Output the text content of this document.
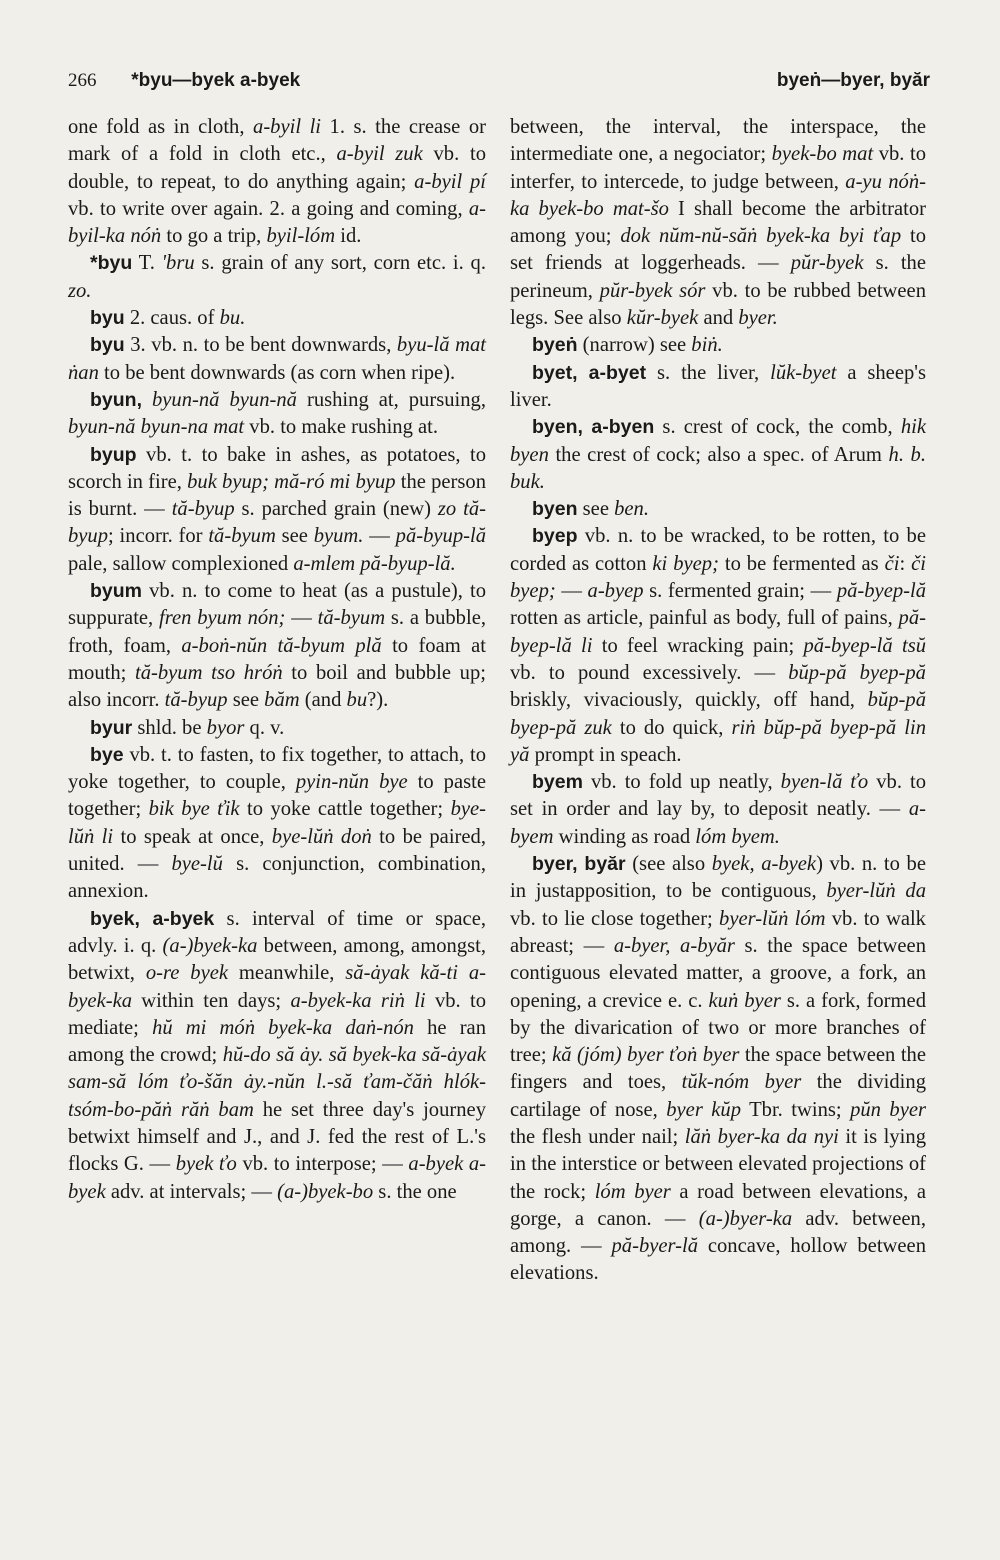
266 *byu—byek a-byek	byeṅ—byer, byăr

one fold as in cloth, a-byil li 1. s. the crease or mark of a fold in cloth etc., a-byil zuk vb. to double, to repeat, to do anything again; a-byil pí vb. to write over again. 2. a going and coming, a-byil-ka nóṅ to go a trip, byil-lóm id.

*byu T. 'bru s. grain of any sort, corn etc. i. q. zo.

byu 2. caus. of bu.

byu 3. vb. n. to be bent downwards, byu-lă mat ṅan to be bent downwards (as corn when ripe).

byun, byun-nă byun-nă rushing at, pursuing, byun-nă byun-na mat vb. to make rushing at.

byup vb. t. to bake in ashes, as potatoes, to scorch in fire, buk byup; mă-ró mi byup the person is burnt. — tă-byup s. parched grain (new) zo tă-byup; incorr. for tă-byum see byum. — pă-byup-lă pale, sallow complexioned a-mlem pă-byup-lă.

byum vb. n. to come to heat (as a pustule), to suppurate, fren byum nón; — tă-byum s. a bubble, froth, foam, a-boṅ-nŭn tă-byum plă to foam at mouth; tă-byum tso hróṅ to boil and bubble up; also incorr. tă-byup see băm (and bu?).

byur shld. be byor q. v.

bye vb. t. to fasten, to fix together, to attach, to yoke together, to couple, pyin-nŭn bye to paste together; bik bye ťik to yoke cattle together; bye-lŭṅ li to speak at once, bye-lŭṅ doṅ to be paired, united. — bye-lŭ s. conjunction, combination, annexion.

byek, a-byek s. interval of time or space, advly. i. q. (a-)byek-ka between, among, amongst, betwixt, o-re byek meanwhile, să-ȧyak kă-ti a-byek-ka within ten days; a-byek-ka riṅ li vb. to mediate; hŭ mi móṅ byek-ka daṅ-nón he ran among the crowd; hŭ-do să ȧy. să byek-ka să-ȧyak sam-să lóm ťo-šăn ȧy.-nŭn l.-să ťam-čăṅ hlók-tsóm-bo-păṅ răṅ bam he set three day's journey betwixt himself and J., and J. fed the rest of L.'s flocks G. — byek ťo vb. to interpose; — a-byek a-byek adv. at intervals; — (a-)byek-bo s. the one

between, the interval, the interspace, the intermediate one, a negociator; byek-bo mat vb. to interfer, to intercede, to judge between, a-yu nóṅ-ka byek-bo mat-šo I shall become the arbitrator among you; dok nŭm-nŭ-săṅ byek-ka byi ťap to set friends at loggerheads. — pŭr-byek s. the perineum, pŭr-byek sór vb. to be rubbed between legs. See also kŭr-byek and byer.

byeṅ (narrow) see biṅ.

byet, a-byet s. the liver, lŭk-byet a sheep's liver.

byen, a-byen s. crest of cock, the comb, hik byen the crest of cock; also a spec. of Arum h. b. buk.

byen see ben.

byep vb. n. to be wracked, to be rotten, to be corded as cotton ki byep; to be fermented as či: či byep; — a-byep s. fermented grain; — pă-byep-lă rotten as article, painful as body, full of pains, pă-byep-lă li to feel wracking pain; pă-byep-lă tsŭ vb. to pound excessively. — bŭp-pă byep-pă briskly, vivaciously, quickly, off hand, bŭp-pă byep-pă zuk to do quick, riṅ bŭp-pă byep-pă lin yă prompt in speach.

byem vb. to fold up neatly, byen-lă ťo vb. to set in order and lay by, to deposit neatly. — a-byem winding as road lóm byem.

byer, byăr (see also byek, a-byek) vb. n. to be in justapposition, to be contiguous, byer-lŭṅ da vb. to lie close together; byer-lŭṅ lóm vb. to walk abreast; — a-byer, a-byăr s. the space between contiguous elevated matter, a groove, a fork, an opening, a crevice e. c. kuṅ byer s. a fork, formed by the divarication of two or more branches of tree; kă (jóm) byer ťoṅ byer the space between the fingers and toes, tŭk-nóm byer the dividing cartilage of nose, byer kŭp Tbr. twins; pŭn byer the flesh under nail; lăṅ byer-ka da nyi it is lying in the interstice or between elevated projections of the rock; lóm byer a road between elevations, a gorge, a canon. — (a-)byer-ka adv. between, among. — pă-byer-lă concave, hollow between elevations.
